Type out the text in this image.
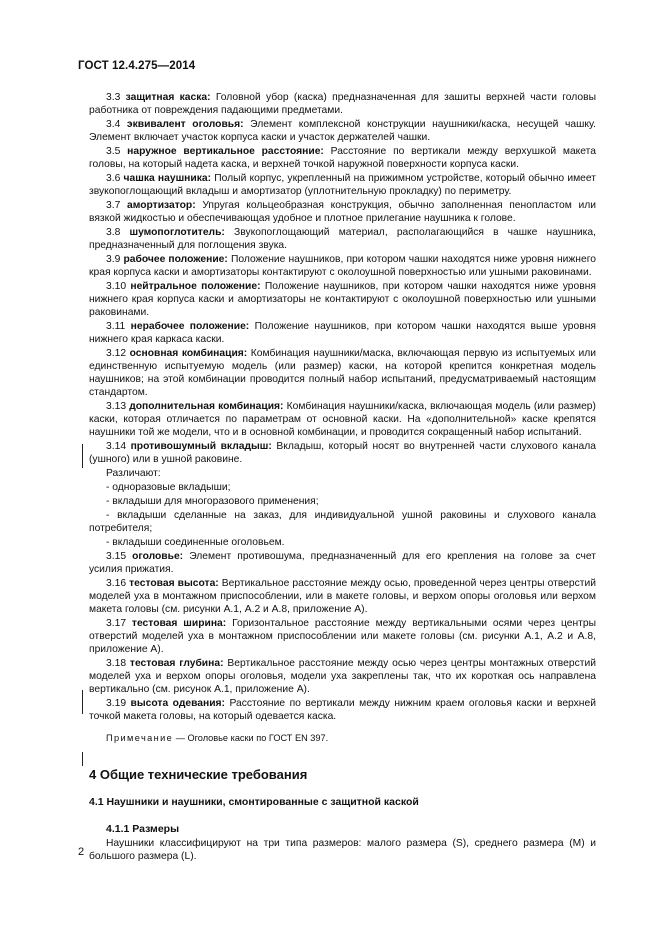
ГОСТ 12.4.275—2014

3.3 защитная каска: Головной убор (каска) предназначенная для зашиты верхней части головы работника от повреждения падающими предметами.

3.4 эквивалент оголовья: Элемент комплексной конструкции наушники/каска, несущей чашку. Элемент включает участок корпуса каски и участок держателей чашки.

3.5 наружное вертикальное расстояние: Расстояние по вертикали между верхушкой макета головы, на который надета каска, и верхней точкой наружной поверхности корпуса каски.

3.6 чашка наушника: Полый корпус, укрепленный на прижимном устройстве, который обычно имеет звукопоглощающий вкладыш и амортизатор (уплотнительную прокладку) по периметру.

3.7 амортизатор: Упругая кольцеобразная конструкция, обычно заполненная пенопластом или вязкой жидкостью и обеспечивающая удобное и плотное прилегание наушника к голове.

3.8 шумопоглотитель: Звукопоглощающий материал, располагающийся в чашке наушника, предназначенный для поглощения звука.

3.9 рабочее положение: Положение наушников, при котором чашки находятся ниже уровня нижнего края корпуса каски и амортизаторы контактируют с околоушной поверхностью или ушными раковинами.

3.10 нейтральное положение: Положение наушников, при котором чашки находятся ниже уровня нижнего края корпуса каски и амортизаторы не контактируют с околоушной поверхностью или ушными раковинами.

3.11 нерабочее положение: Положение наушников, при котором чашки находятся выше уровня нижнего края каркаса каски.

3.12 основная комбинация: Комбинация наушники/маска, включающая первую из испытуемых или единственную испытуемую модель (или размер) каски, на которой крепится конкретная модель наушников; на этой комбинации проводится полный набор испытаний, предусматриваемый настоящим стандартом.

3.13 дополнительная комбинация: Комбинация наушники/каска, включающая модель (или размер) каски, которая отличается по параметрам от основной каски. На «дополнительной» каске крепятся наушники той же модели, что и в основной комбинации, и проводится сокращенный набор испытаний.

3.14 противошумный вкладыш: Вкладыш, который носят во внутренней части слухового канала (ушного) или в ушной раковине.

Различают:

- одноразовые вкладыши;

- вкладыши для многоразового применения;

- вкладыши сделанные на заказ, для индивидуальной ушной раковины и слухового канала потребителя;

- вкладыши соединенные оголовьем.

3.15 оголовье: Элемент противошума, предназначенный для его крепления на голове за счет усилия прижатия.

3.16 тестовая высота: Вертикальное расстояние между осью, проведенной через центры отверстий моделей уха в монтажном приспособлении, или в макете головы, и верхом опоры оголовья или верхом макета головы (см. рисунки А.1, А.2 и А.8, приложение А).

3.17 тестовая ширина: Горизонтальное расстояние между вертикальными осями через центры отверстий моделей уха в монтажном приспособлении или макете головы (см. рисунки А.1, А.2 и А.8, приложение А).

3.18 тестовая глубина: Вертикальное расстояние между осью через центры монтажных отверстий моделей уха и верхом опоры оголовья, модели уха закреплены так, что их короткая ось направлена вертикально (см. рисунок А.1, приложение А).

3.19 высота одевания: Расстояние по вертикали между нижним краем оголовья каски и верхней точкой макета головы, на который одевается каска.

Примечание — Оголовье каски по ГОСТ EN 397.

4 Общие технические требования
4.1 Наушники и наушники, смонтированные с защитной каской
4.1.1 Размеры

Наушники классифицируют на три типа размеров: малого размера (S), среднего размера (М) и большого размера (L).

2
